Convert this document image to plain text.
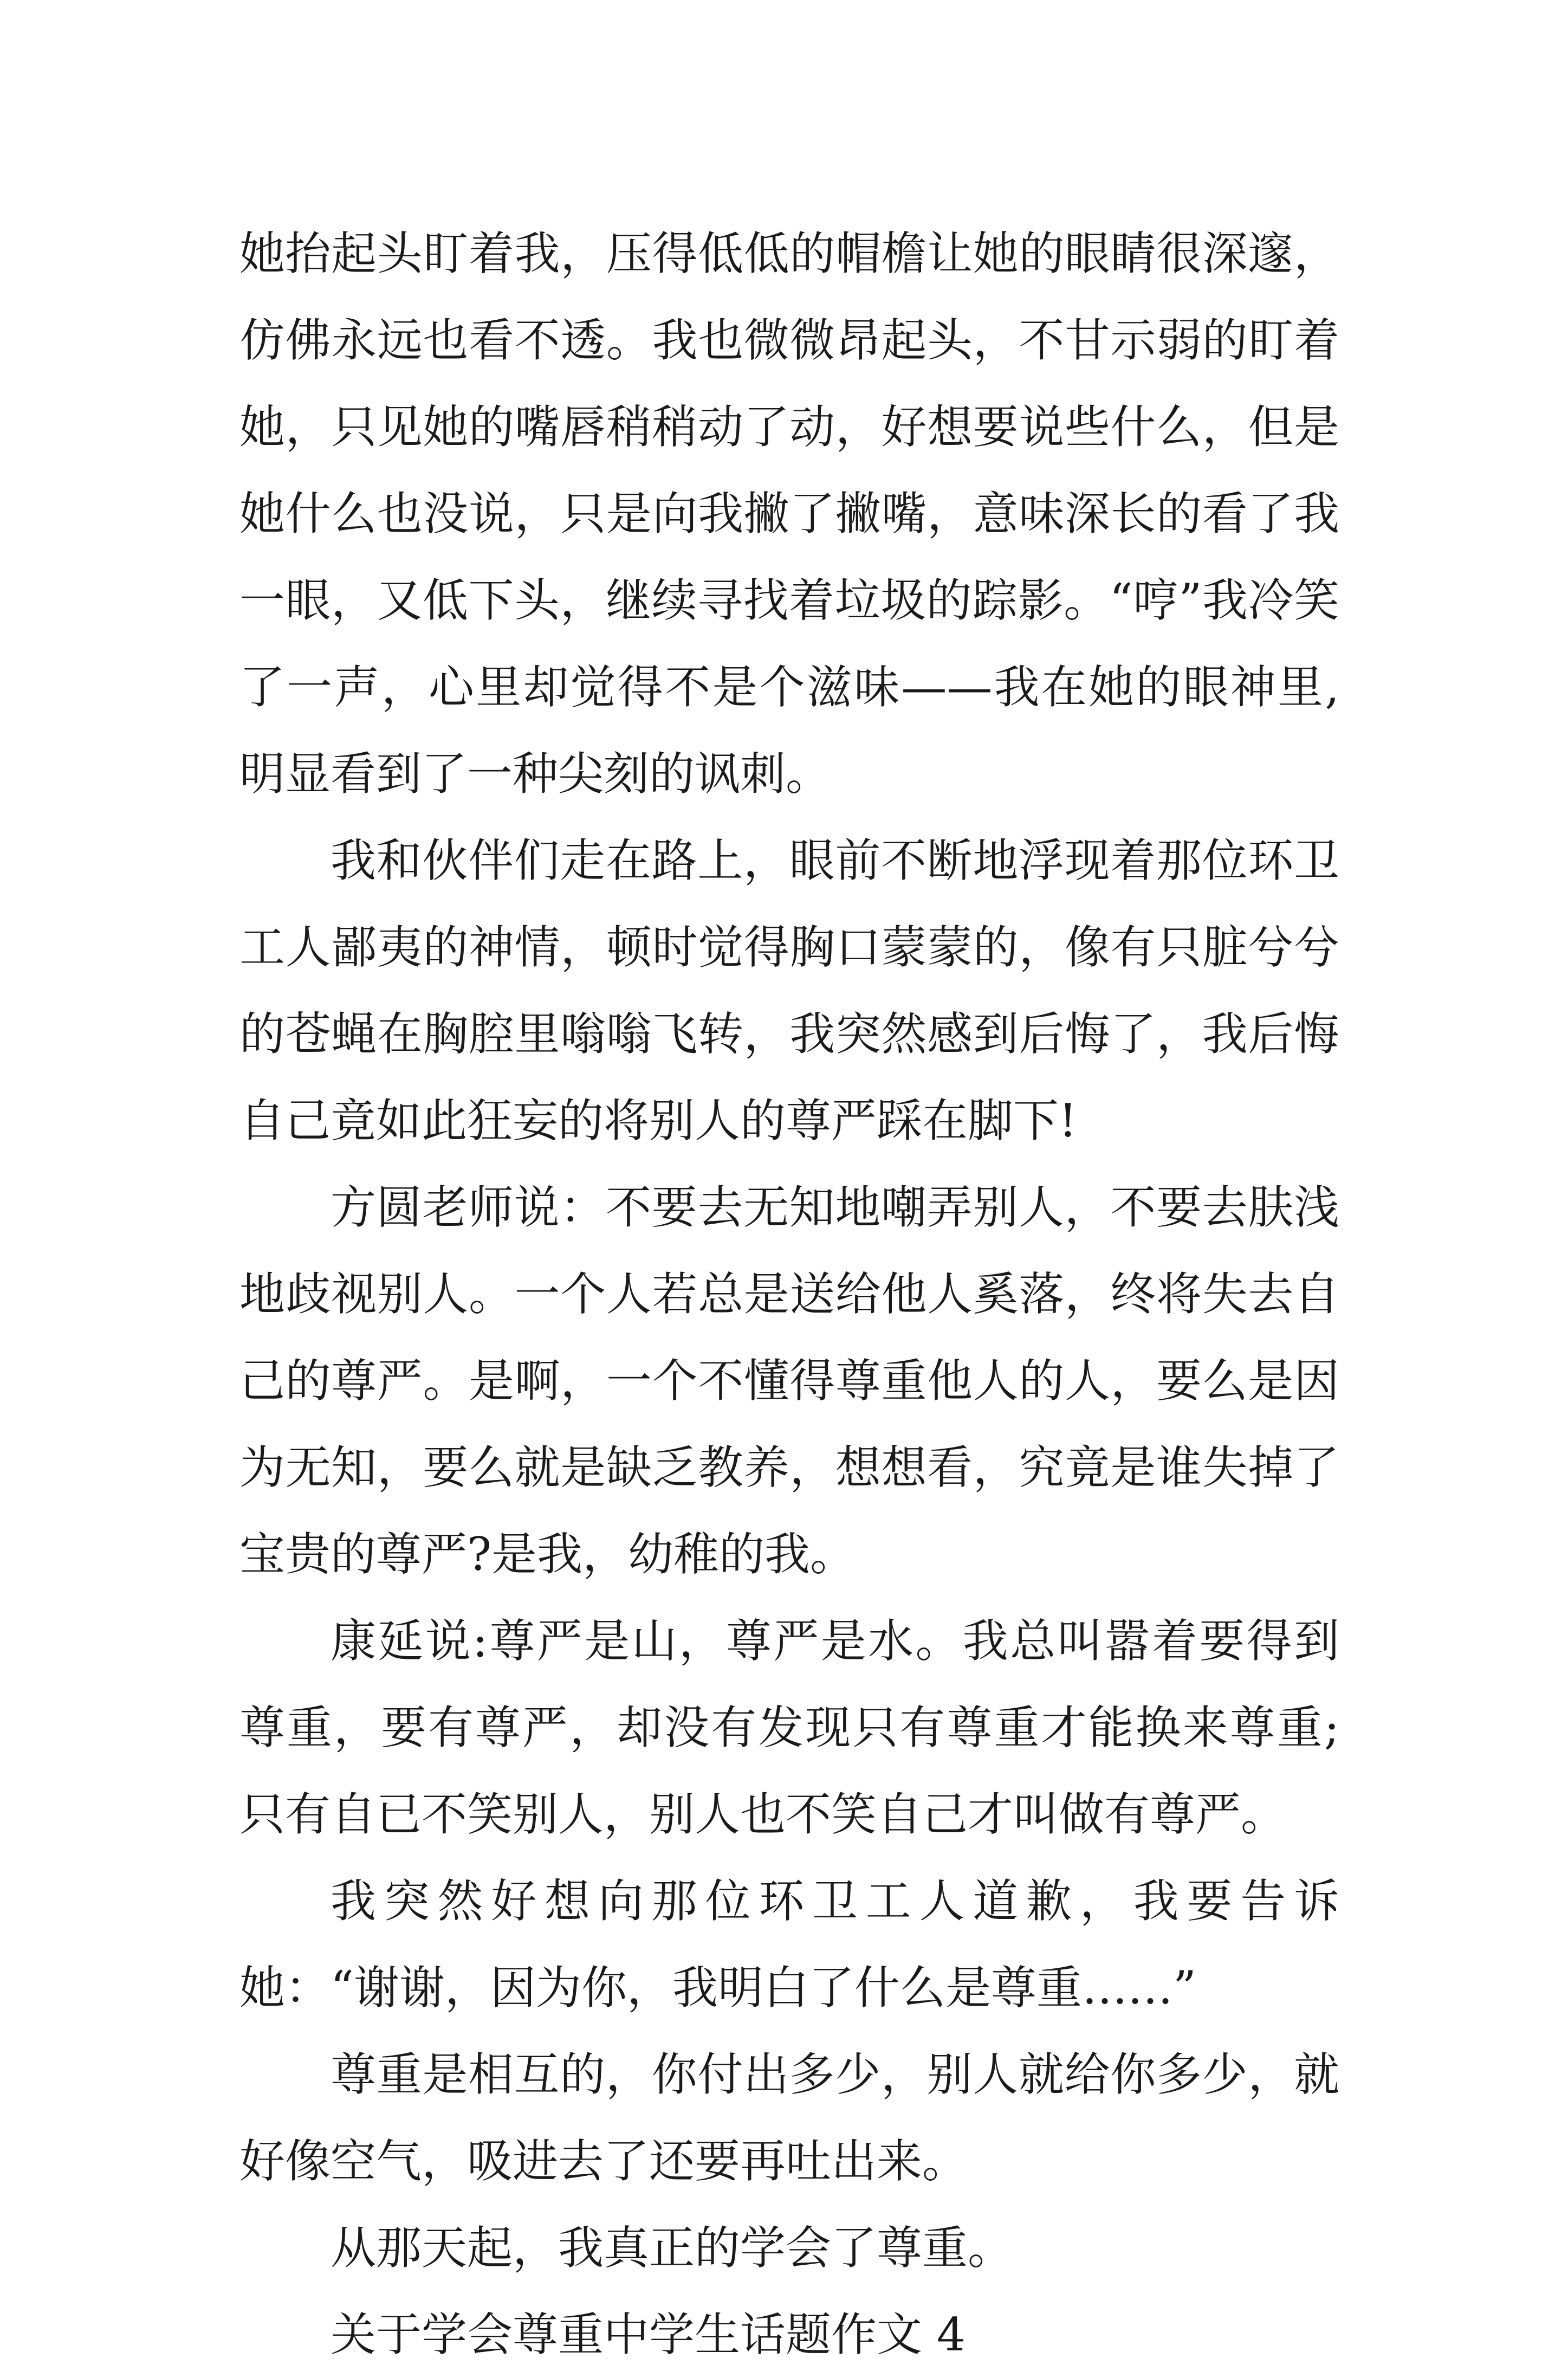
她抬起头盯着我，压得低低的帽檐让她的眼睛很深邃，仿佛永远也看不透。我也微微昂起头，不甘示弱的盯着她，只见她的嘴唇稍稍动了动，好想要说些什么，但是她什么也没说，只是向我撇了撇嘴，意味深长的看了我一眼，又低下头，继续寻找着垃圾的踪影。“哼”我冷笑了一声，心里却觉得不是个滋味——我在她的眼神里,明显看到了一种尖刻的讽刺。

我和伙伴们走在路上，眼前不断地浮现着那位环卫工人鄙夷的神情，顿时觉得胸口蒙蒙的，像有只脏兮兮的苍蝇在胸腔里嗡嗡飞转，我突然感到后悔了，我后悔自己竟如此狂妄的将别人的尊严踩在脚下!

方圆老师说：不要去无知地嘲弄别人，不要去肤浅地歧视别人。一个人若总是送给他人奚落，终将失去自己的尊严。是啊，一个不懂得尊重他人的人，要么是因为无知，要么就是缺乏教养，想想看，究竟是谁失掉了宝贵的尊严?是我，幼稚的我。

康延说:尊严是山，尊严是水。我总叫嚣着要得到尊重，要有尊严，却没有发现只有尊重才能换来尊重;只有自已不笑别人，别人也不笑自己才叫做有尊严。

我突然好想向那位环卫工人道歉，我要告诉她：“谢谢，因为你，我明白了什么是尊重……”

尊重是相互的，你付出多少，别人就给你多少，就好像空气，吸进去了还要再吐出来。

从那天起，我真正的学会了尊重。

关于学会尊重中学生话题作文 4
